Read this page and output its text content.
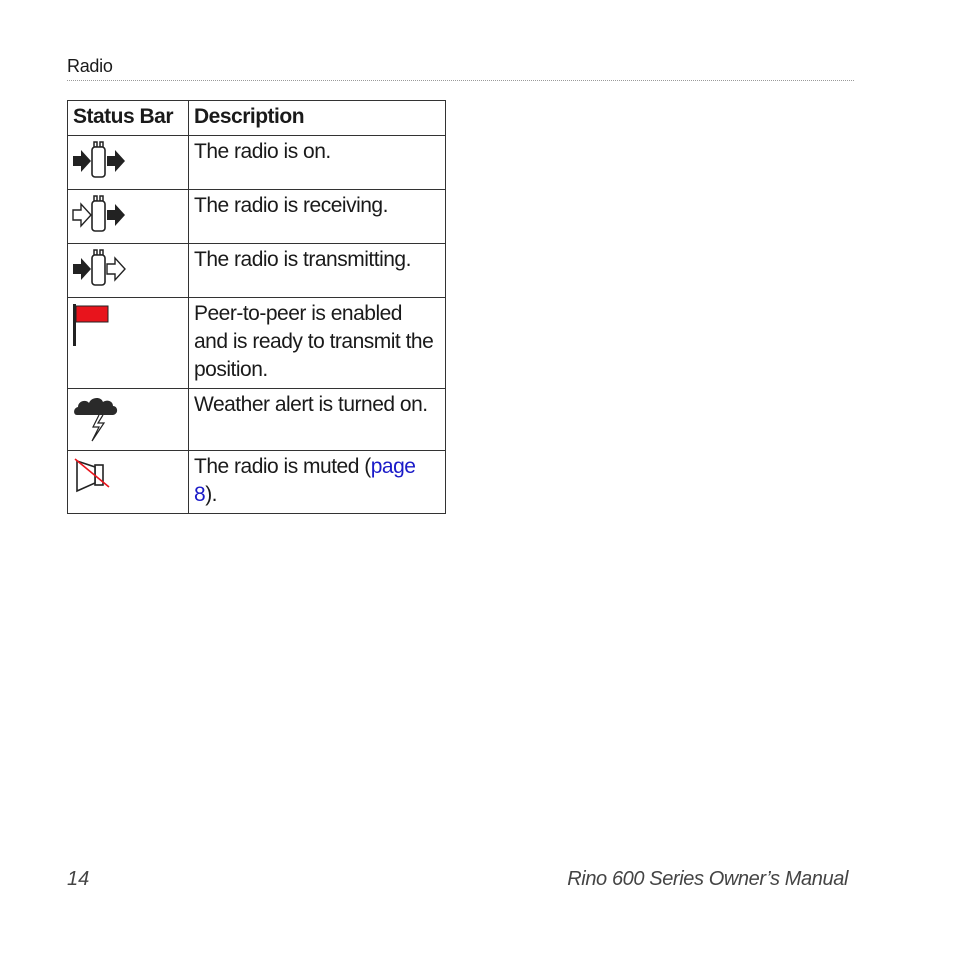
Radio
Status Bar	Description

	The radio is on.

	The radio is receiving.

	The radio is transmitting.

	Peer-to-peer is enabled and is ready to transmit the position.

	Weather alert is turned on.

	The radio is muted (page 8).
14	Rino 600 Series Owner’s Manual
